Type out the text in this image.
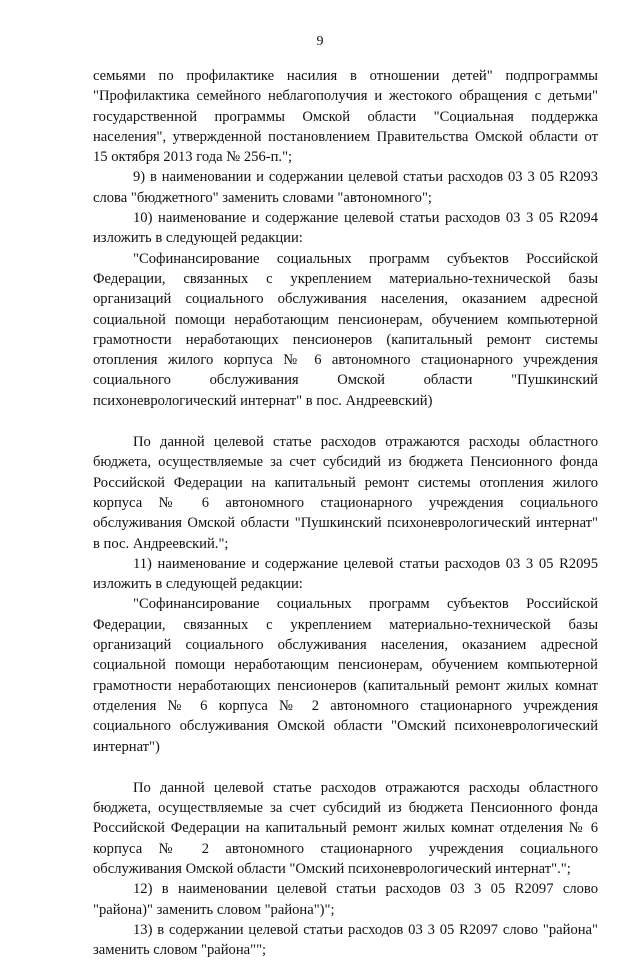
9

семьями по профилактике насилия в отношении детей" подпрограммы "Профилактика семейного неблагополучия и жестокого обращения с детьми" государственной программы Омской области "Социальная поддержка населения", утвержденной постановлением Правительства Омской области от 15 октября 2013 года № 256-п.";

9) в наименовании и содержании целевой статьи расходов 03 3 05 R2093 слова "бюджетного" заменить словами "автономного";

10) наименование и содержание целевой статьи расходов 03 3 05 R2094 изложить в следующей редакции:

"Софинансирование социальных программ субъектов Российской Федерации, связанных с укреплением материально-технической базы организаций социального обслуживания населения, оказанием адресной социальной помощи неработающим пенсионерам, обучением компьютерной грамотности неработающих пенсионеров (капитальный ремонт системы отопления жилого корпуса № 6 автономного стационарного учреждения социального обслуживания Омской области "Пушкинский психоневрологический интернат" в пос. Андреевский)

По данной целевой статье расходов отражаются расходы областного бюджета, осуществляемые за счет субсидий из бюджета Пенсионного фонда Российской Федерации на капитальный ремонт системы отопления жилого корпуса № 6 автономного стационарного учреждения социального обслуживания Омской области "Пушкинский психоневрологический интернат" в пос. Андреевский.";

11) наименование и содержание целевой статьи расходов 03 3 05 R2095 изложить в следующей редакции:

"Софинансирование социальных программ субъектов Российской Федерации, связанных с укреплением материально-технической базы организаций социального обслуживания населения, оказанием адресной социальной помощи неработающим пенсионерам, обучением компьютерной грамотности неработающих пенсионеров (капитальный ремонт жилых комнат отделения № 6 корпуса № 2 автономного стационарного учреждения социального обслуживания Омской области "Омский психоневрологический интернат")

По данной целевой статье расходов отражаются расходы областного бюджета, осуществляемые за счет субсидий из бюджета Пенсионного фонда Российской Федерации на капитальный ремонт жилых комнат отделения № 6 корпуса № 2 автономного стационарного учреждения социального обслуживания Омской области "Омский психоневрологический интернат".";

12) в наименовании целевой статьи расходов 03 3 05 R2097 слово "района)" заменить словом "района")";

13) в содержании целевой статьи расходов 03 3 05 R2097 слово "района" заменить словом "района"";
